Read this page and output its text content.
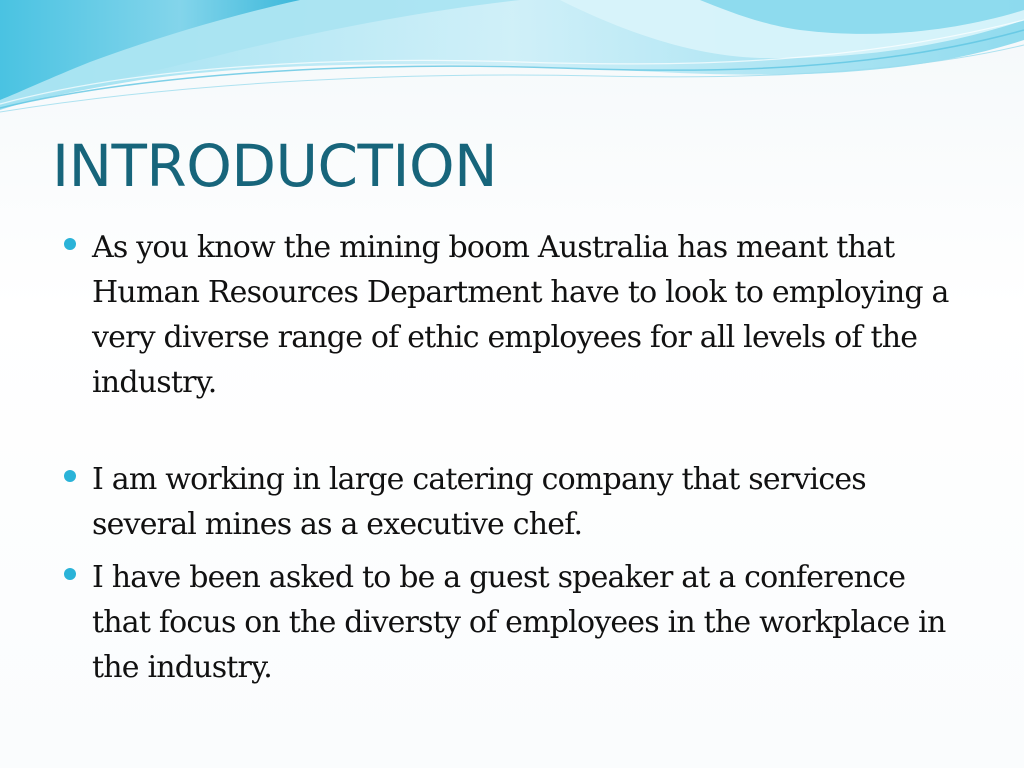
INTRODUCTION
As you know the mining boom Australia has meant that Human Resources Department have to look to employing a very diverse range of ethic employees for all levels of the industry.
I am working in large catering company that services several mines as a executive chef.
I have been asked to be a guest speaker at a conference that focus on the diversty of employees in the workplace in the industry.
